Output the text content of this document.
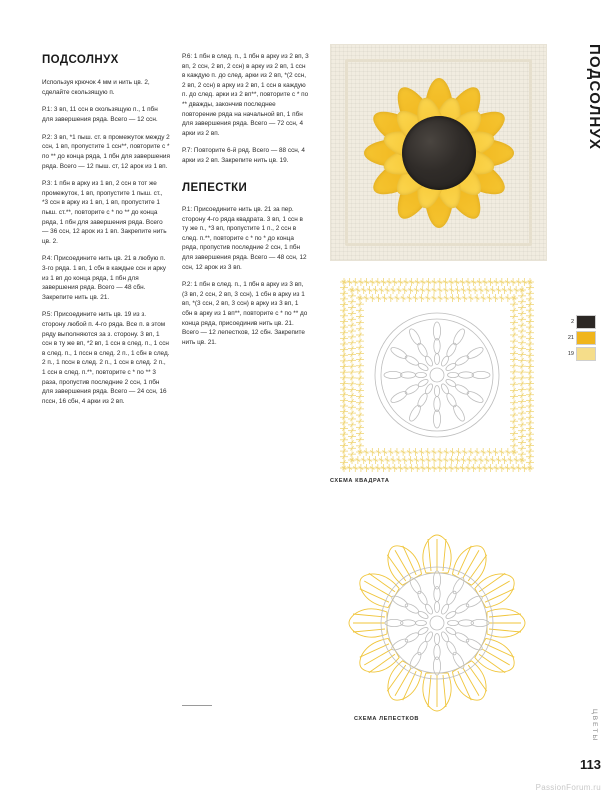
ПОДСОЛНУХ

Используя крючок 4 мм и нить цв. 2, сделайте скользящую п.

Р.1: 3 вп, 11 ссн в скользящую п., 1 пбн для завершения ряда. Всего — 12 ссн.

Р.2: 3 вп, *1 пыш. ст. в промежуток между 2 ссн, 1 вп, пропустите 1 ссн**, повторите с * по ** до конца ряда, 1 пбн для завершения ряда. Всего — 12 пыш. ст, 12 арок из 1 вп.

Р.3: 1 пбн в арку из 1 вп, 2 ссн в тот же промежуток, 1 вп, пропустите 1 пыш. ст., *3 ссн в арку из 1 вп, 1 вп, пропустите 1 пыш. ст.**, повторите с * по ** до конца ряда, 1 пбн для завершения ряда. Всего — 36 ссн, 12 арок из 1 вп. Закрепите нить цв. 2.

Р.4: Присоедините нить цв. 21 в любую п. 3-го ряда. 1 вп, 1 сбн в каждые ссн и арку из 1 вп до конца ряда, 1 пбн для завершения ряда. Всего — 48 сбн. Закрепите нить цв. 21.

Р.5: Присоедините нить цв. 19 из з. сторону любой п. 4-го ряда. Все п. в этом ряду выполняются за з. сторону. 3 вп, 1 ссн в ту же вп, *2 вп, 1 ссн в след. п., 1 ссн в след. п., 1 пссн в след. 2 п., 1 сбн в след. 2 п., 1 пссн в след. 2 п., 1 ссн в след. 2 п., 1 ссн в след. п.**, повторите с * по ** 3 раза, пропустив последние 2 ссн, 1 пбн для завершения ряда. Всего — 24 ссн, 16 пссн, 16 сбн, 4 арки из 2 вп.

Р.6: 1 пбн в след. п., 1 пбн в арку из 2 вп, 3 вп, 2 ссн, 2 вп, 2 ссн) в арку из 2 вп, 1 ссн в каждую п. до след. арки из 2 вп, *(2 ссн, 2 вп, 2 ссн) в арку из 2 вп, 1 ссн в каждую п. до след. арки из 2 вп**, повторите с * по ** дважды, закончив последнее повторение ряда на начальной вп, 1 пбн для завершения ряда. Всего — 72 ссн, 4 арки из 2 вп.

Р.7: Повторите 6-й ряд. Всего — 88 ссн, 4 арки из 2 вп. Закрепите нить цв. 19.

ЛЕПЕСТКИ

Р.1: Присоедините нить цв. 21 за пер. сторону 4-го ряда квадрата. 3 вп, 1 ссн в ту же п., *3 вп, пропустите 1 п., 2 ссн в след. п.**, повторите с * по * до конца ряда, пропустив последние 2 ссн, 1 пбн для завершения ряда. Всего — 48 ссн, 12 ссн, 12 арок из 3 вп.

Р.2: 1 пбн в след. п., 1 пбн в арку из 3 вп, (3 вп, 2 ссн, 2 вп, 3 ссн), 1 сбн в арку из 1 вп, *(3 ссн, 2 вп, 3 ссн) в арку из 3 вп, 1 сбн в арку из 1 вп**, повторите с * по ** до конца ряда, присоединив нить цв. 21. Всего — 12 лепестков, 12 сбн. Закрепите нить цв. 21.

2
21
19
СХЕМА КВАДРАТА
СХЕМА ЛЕПЕСТКОВ
ПОДСОЛНУХ
ЦВЕТЫ
113
PassionForum.ru
